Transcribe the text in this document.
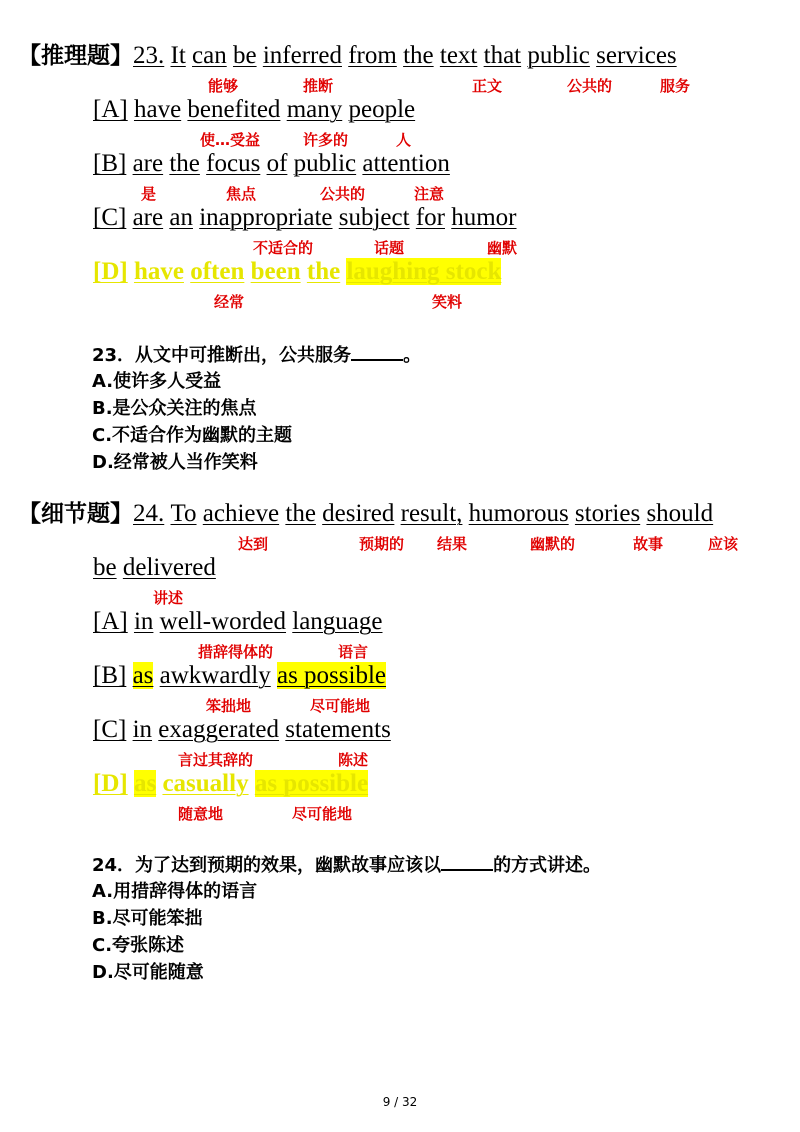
【推理题】23. It can be inferred from the text that public services
能够	推断	正文	公共的	服务
[A] have benefited many people
使…受益	许多的	人
[B] are the focus of public attention
是	焦点	公共的	注意
[C] are an inappropriate subject for humor
不适合的	话题	幽默
[D] have often been the laughing stock
经常	笑料
23．从文中可推断出，公共服务	。
A.使许多人受益
B.是公众关注的焦点
C.不适合作为幽默的主题
D.经常被人当作笑料
【细节题】24. To achieve the desired result, humorous stories should
达到	预期的 结果	幽默的	故事	应该
be delivered
讲述
[A] in well-worded language
措辞得体的	语言
[B] as awkwardly as possible
笨拙地	尽可能地
[C] in exaggerated statements
言过其辞的	陈述
[D] as casually as possible
随意地	尽可能地
24．为了达到预期的效果，幽默故事应该以	的方式讲述。
A.用措辞得体的语言
B.尽可能笨拙
C.夸张陈述
D.尽可能随意
9 / 32
